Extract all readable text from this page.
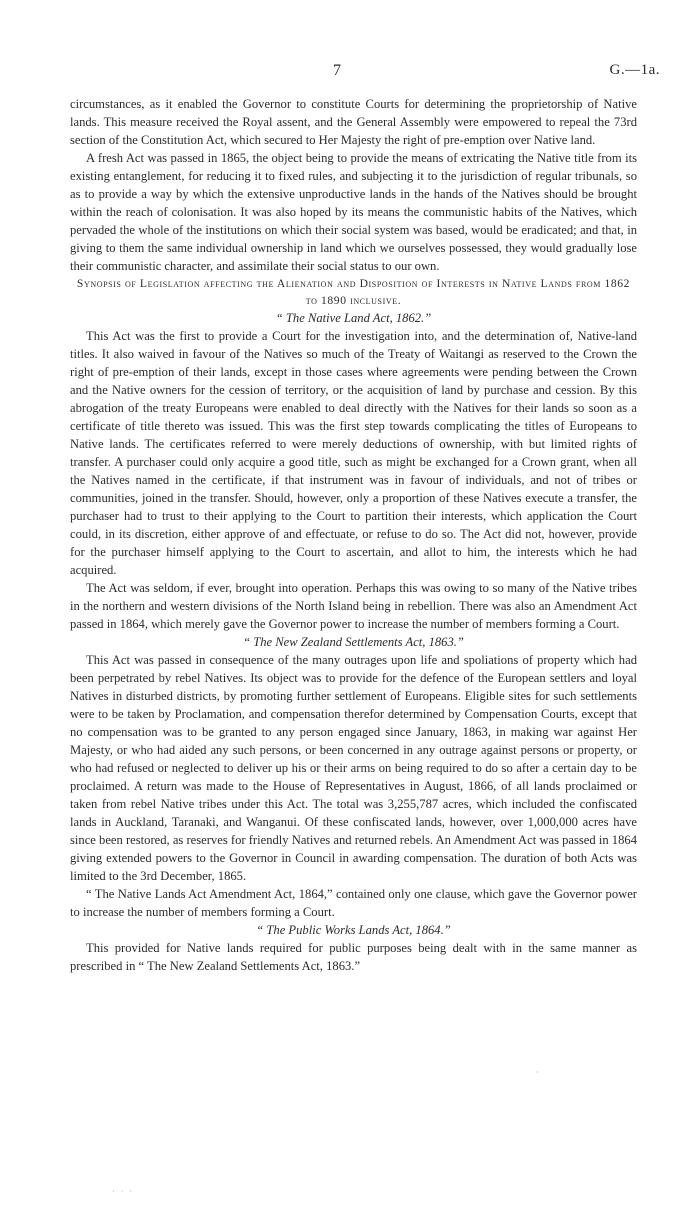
7	G.—1a.

circumstances, as it enabled the Governor to constitute Courts for determining the proprietorship of Native lands. This measure received the Royal assent, and the General Assembly were empowered to repeal the 73rd section of the Constitution Act, which secured to Her Majesty the right of pre-emption over Native land.

A fresh Act was passed in 1865, the object being to provide the means of extricating the Native title from its existing entanglement, for reducing it to fixed rules, and subjecting it to the jurisdiction of regular tribunals, so as to provide a way by which the extensive unproductive lands in the hands of the Natives should be brought within the reach of colonisation. It was also hoped by its means the communistic habits of the Natives, which pervaded the whole of the institutions on which their social system was based, would be eradicated; and that, in giving to them the same individual ownership in land which we ourselves possessed, they would gradually lose their communistic character, and assimilate their social status to our own.

Synopsis of Legislation affecting the Alienation and Disposition of Interests in Native Lands from 1862 to 1890 inclusive.

“ The Native Land Act, 1862.”

This Act was the first to provide a Court for the investigation into, and the determination of, Native-land titles. It also waived in favour of the Natives so much of the Treaty of Waitangi as reserved to the Crown the right of pre-emption of their lands, except in those cases where agreements were pending between the Crown and the Native owners for the cession of territory, or the acquisition of land by purchase and cession. By this abrogation of the treaty Europeans were enabled to deal directly with the Natives for their lands so soon as a certificate of title thereto was issued. This was the first step towards complicating the titles of Europeans to Native lands. The certificates referred to were merely deductions of ownership, with but limited rights of transfer. A purchaser could only acquire a good title, such as might be exchanged for a Crown grant, when all the Natives named in the certificate, if that instrument was in favour of individuals, and not of tribes or communities, joined in the transfer. Should, however, only a proportion of these Natives execute a transfer, the purchaser had to trust to their applying to the Court to partition their interests, which application the Court could, in its discretion, either approve of and effectuate, or refuse to do so. The Act did not, however, provide for the purchaser himself applying to the Court to ascertain, and allot to him, the interests which he had acquired.

The Act was seldom, if ever, brought into operation. Perhaps this was owing to so many of the Native tribes in the northern and western divisions of the North Island being in rebellion. There was also an Amendment Act passed in 1864, which merely gave the Governor power to increase the number of members forming a Court.

“ The New Zealand Settlements Act, 1863.”

This Act was passed in consequence of the many outrages upon life and spoliations of property which had been perpetrated by rebel Natives. Its object was to provide for the defence of the European settlers and loyal Natives in disturbed districts, by promoting further settlement of Europeans. Eligible sites for such settlements were to be taken by Proclamation, and compensation therefor determined by Compensation Courts, except that no compensation was to be granted to any person engaged since January, 1863, in making war against Her Majesty, or who had aided any such persons, or been concerned in any outrage against persons or property, or who had refused or neglected to deliver up his or their arms on being required to do so after a certain day to be proclaimed. A return was made to the House of Representatives in August, 1866, of all lands proclaimed or taken from rebel Native tribes under this Act. The total was 3,255,787 acres, which included the confiscated lands in Auckland, Taranaki, and Wanganui. Of these confiscated lands, however, over 1,000,000 acres have since been restored, as reserves for friendly Natives and returned rebels. An Amendment Act was passed in 1864 giving extended powers to the Governor in Council in awarding compensation. The duration of both Acts was limited to the 3rd December, 1865.

“ The Native Lands Act Amendment Act, 1864,” contained only one clause, which gave the Governor power to increase the number of members forming a Court.

“ The Public Works Lands Act, 1864.”

This provided for Native lands required for public purposes being dealt with in the same manner as prescribed in “ The New Zealand Settlements Act, 1863.”

·
· · ·
